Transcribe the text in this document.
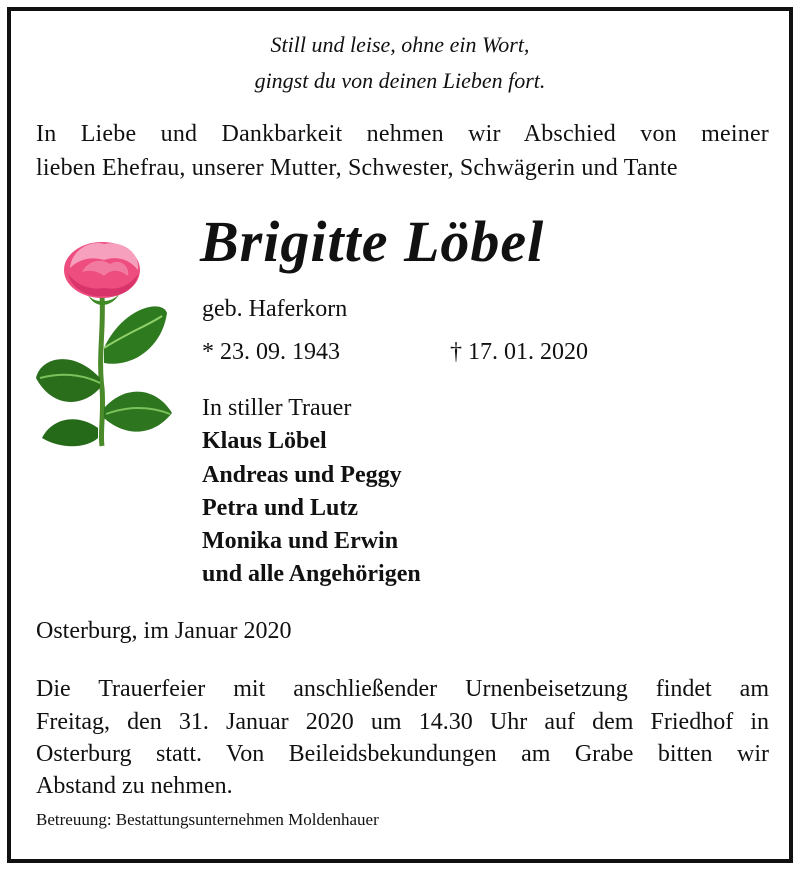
Still und leise, ohne ein Wort,
gingst du von deinen Lieben fort.
In Liebe und Dankbarkeit nehmen wir Abschied von meiner
lieben Ehefrau, unserer Mutter, Schwester, Schwägerin und Tante
Brigitte Löbel
geb. Haferkorn
* 23. 09. 1943	† 17. 01. 2020
In stiller Trauer
Klaus Löbel
Andreas und Peggy
Petra und Lutz
Monika und Erwin
und alle Angehörigen
Osterburg, im Januar 2020
Die Trauerfeier mit anschließender Urnenbeisetzung findet am
Freitag, den 31. Januar 2020 um 14.30 Uhr auf dem Friedhof in
Osterburg statt. Von Beileidsbekundungen am Grabe bitten wir
Abstand zu nehmen.
Betreuung: Bestattungsunternehmen Moldenhauer
